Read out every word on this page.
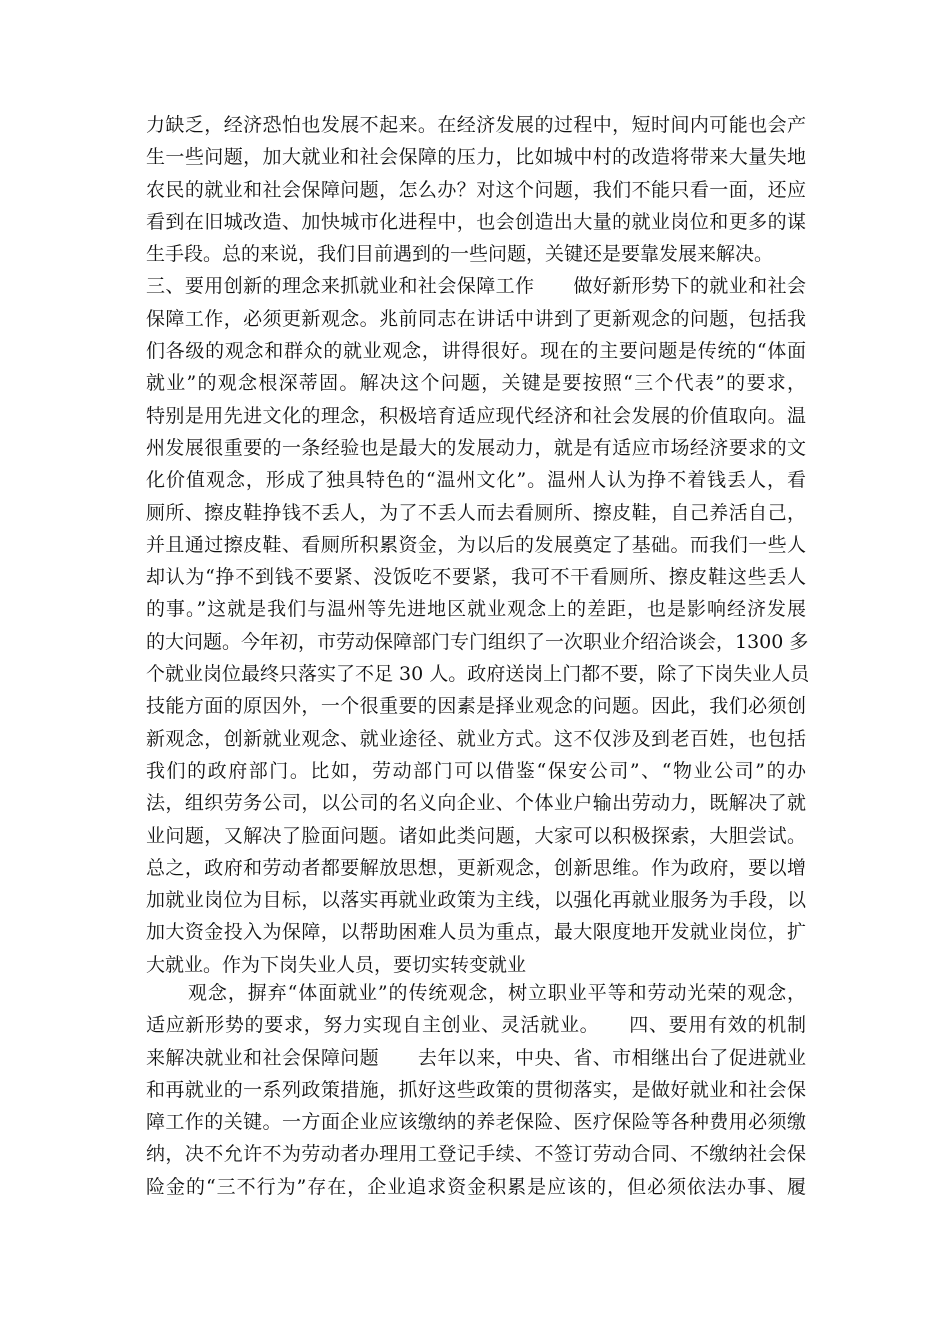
力缺乏，经济恐怕也发展不起来。在经济发展的过程中，短时间内可能也会产
生一些问题，加大就业和社会保障的压力，比如城中村的改造将带来大量失地
农民的就业和社会保障问题，怎么办？对这个问题，我们不能只看一面，还应
看到在旧城改造、加快城市化进程中，也会创造出大量的就业岗位和更多的谋
生手段。总的来说，我们目前遇到的一些问题，关键还是要靠发展来解决。
三、要用创新的理念来抓就业和社会保障工作　　做好新形势下的就业和社会
保障工作，必须更新观念。兆前同志在讲话中讲到了更新观念的问题，包括我
们各级的观念和群众的就业观念，讲得很好。现在的主要问题是传统的“体面
就业”的观念根深蒂固。解决这个问题，关键是要按照“三个代表”的要求，
特别是用先进文化的理念，积极培育适应现代经济和社会发展的价值取向。温
州发展很重要的一条经验也是最大的发展动力，就是有适应市场经济要求的文
化价值观念，形成了独具特色的“温州文化”。温州人认为挣不着钱丢人，看
厕所、擦皮鞋挣钱不丢人，为了不丢人而去看厕所、擦皮鞋，自己养活自己，
并且通过擦皮鞋、看厕所积累资金，为以后的发展奠定了基础。而我们一些人
却认为“挣不到钱不要紧、没饭吃不要紧，我可不干看厕所、擦皮鞋这些丢人
的事。”这就是我们与温州等先进地区就业观念上的差距，也是影响经济发展
的大问题。今年初，市劳动保障部门专门组织了一次职业介绍洽谈会，1300 多
个就业岗位最终只落实了不足 30 人。政府送岗上门都不要，除了下岗失业人员
技能方面的原因外，一个很重要的因素是择业观念的问题。因此，我们必须创
新观念，创新就业观念、就业途径、就业方式。这不仅涉及到老百姓，也包括
我们的政府部门。比如，劳动部门可以借鉴“保安公司”、“物业公司”的办
法，组织劳务公司，以公司的名义向企业、个体业户输出劳动力，既解决了就
业问题，又解决了脸面问题。诸如此类问题，大家可以积极探索，大胆尝试。
总之，政府和劳动者都要解放思想，更新观念，创新思维。作为政府，要以增
加就业岗位为目标，以落实再就业政策为主线，以强化再就业服务为手段，以
加大资金投入为保障，以帮助困难人员为重点，最大限度地开发就业岗位，扩
大就业。作为下岗失业人员，要切实转变就业
观念，摒弃“体面就业”的传统观念，树立职业平等和劳动光荣的观念，
适应新形势的要求，努力实现自主创业、灵活就业。　　四、要用有效的机制
来解决就业和社会保障问题　　去年以来，中央、省、市相继出台了促进就业
和再就业的一系列政策措施，抓好这些政策的贯彻落实，是做好就业和社会保
障工作的关键。一方面企业应该缴纳的养老保险、医疗保险等各种费用必须缴
纳，决不允许不为劳动者办理用工登记手续、不签订劳动合同、不缴纳社会保
险金的“三不行为”存在，企业追求资金积累是应该的，但必须依法办事、履
